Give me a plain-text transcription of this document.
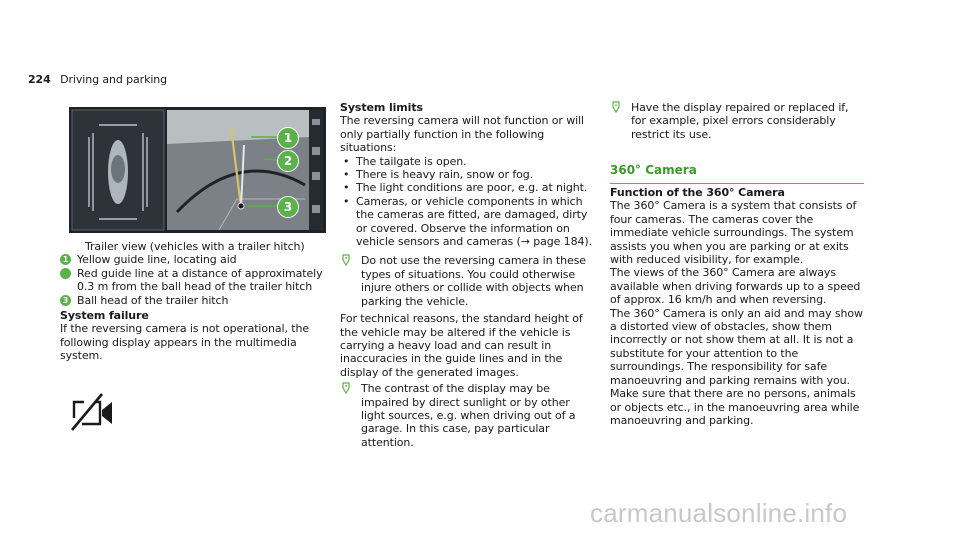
224 Driving and parking
1
2
3
Trailer view (vehicles with a trailer hitch)
1 Yellow guide line, locating aid
2 Red guide line at a distance of approximately 0.3 m from the ball head of the trailer hitch
3 Ball head of the trailer hitch
System failure
If the reversing camera is not operational, the following display appears in the multimedia system.
System limits

The reversing camera will not function or will only partially function in the following situations:

• The tailgate is open.
• There is heavy rain, snow or fog.
• The light conditions are poor, e.g. at night.
• Cameras, or vehicle components in which the cameras are fitted, are damaged, dirty or covered. Observe the information on vehicle sensors and cameras (→ page 184).
Do not use the reversing camera in these types of situations. You could otherwise injure others or collide with objects when parking the vehicle.

For technical reasons, the standard height of the vehicle may be altered if the vehicle is carrying a heavy load and can result in inaccuracies in the guide lines and in the display of the generated images.

The contrast of the display may be impaired by direct sunlight or by other light sources, e.g. when driving out of a garage. In this case, pay particular attention.
Have the display repaired or replaced if, for example, pixel errors considerably restrict its use.
360° Camera
Function of the 360° Camera

The 360° Camera is a system that consists of four cameras. The cameras cover the immediate vehicle surroundings. The system assists you when you are parking or at exits with reduced visibility, for example.

The views of the 360° Camera are always available when driving forwards up to a speed of approx. 16 km/h and when reversing.

The 360° Camera is only an aid and may show a distorted view of obstacles, show them incorrectly or not show them at all. It is not a substitute for your attention to the surroundings. The responsibility for safe manoeuvring and parking remains with you. Make sure that there are no persons, animals or objects etc., in the manoeuvring area while manoeuvring and parking.

carmanualsonline.info
